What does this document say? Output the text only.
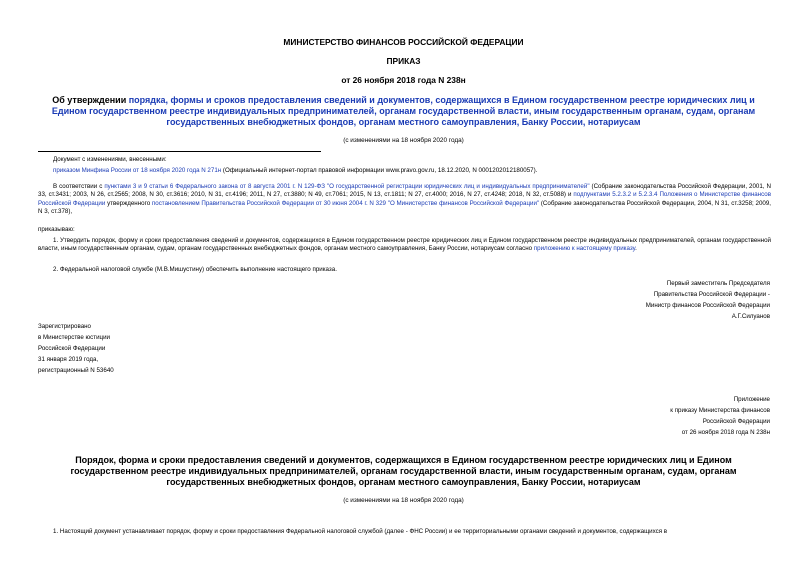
МИНИСТЕРСТВО ФИНАНСОВ РОССИЙСКОЙ ФЕДЕРАЦИИ
ПРИКАЗ
от 26 ноября 2018 года N 238н
Об утверждении порядка, формы и сроков предоставления сведений и документов, содержащихся в Едином государственном реестре юридических лиц и Едином государственном реестре индивидуальных предпринимателей, органам государственной власти, иным государственным органам, судам, органам государственных внебюджетных фондов, органам местного самоуправления, Банку России, нотариусам
(с изменениями на 18 ноября 2020 года)
Документ с изменениями, внесенными:
приказом Минфина России от 18 ноября 2020 года N 271н (Официальный интернет-портал правовой информации www.pravo.gov.ru, 18.12.2020, N 0001202012180057).
В соответствии с пунктами 3 и 9 статьи 6 Федерального закона от 8 августа 2001 г. N 129-ФЗ "О государственной регистрации юридических лиц и индивидуальных предпринимателей" (Собрание законодательства Российской Федерации, 2001, N 33, ст.3431; 2003, N 26, ст.2565; 2008, N 30, ст.3616; 2010, N 31, ст.4196; 2011, N 27, ст.3880; N 49, ст.7061; 2015, N 13, ст.1811; N 27, ст.4000; 2016, N 27, ст.4248; 2018, N 32, ст.5088) и подпунктами 5.2.3.2 и 5.2.3.4 Положения о Министерстве финансов Российской Федерации утвержденного постановлением Правительства Российской Федерации от 30 июня 2004 г. N 329 "О Министерстве финансов Российской Федерации" (Собрание законодательства Российской Федерации, 2004, N 31, ст.3258; 2009, N 3, ст.378),
приказываю:
1. Утвердить порядок, форму и сроки предоставления сведений и документов, содержащихся в Едином государственном реестре юридических лиц и Едином государственном реестре индивидуальных предпринимателей, органам государственной власти, иным государственным органам, судам, органам государственных внебюджетных фондов, органам местного самоуправления, Банку России, нотариусам согласно приложению к настоящему приказу.
2. Федеральной налоговой службе (М.В.Мишустину) обеспечить выполнение настоящего приказа.
Первый заместитель Председателя
Правительства Российской Федерации -
Министр финансов Российской Федерации
А.Г.Силуанов
Зарегистрировано
в Министерстве юстиции
Российской Федерации
31 января 2019 года,
регистрационный N 53640
Приложение
к приказу Министерства финансов
Российской Федерации
от 26 ноября 2018 года N 238н
Порядок, форма и сроки предоставления сведений и документов, содержащихся в Едином государственном реестре юридических лиц и Едином государственном реестре индивидуальных предпринимателей, органам государственной власти, иным государственным органам, судам, органам государственных внебюджетных фондов, органам местного самоуправления, Банку России, нотариусам
(с изменениями на 18 ноября 2020 года)
1. Настоящий документ устанавливает порядок, форму и сроки предоставления Федеральной налоговой службой (далее - ФНС России) и ее территориальными органами сведений и документов, содержащихся в
